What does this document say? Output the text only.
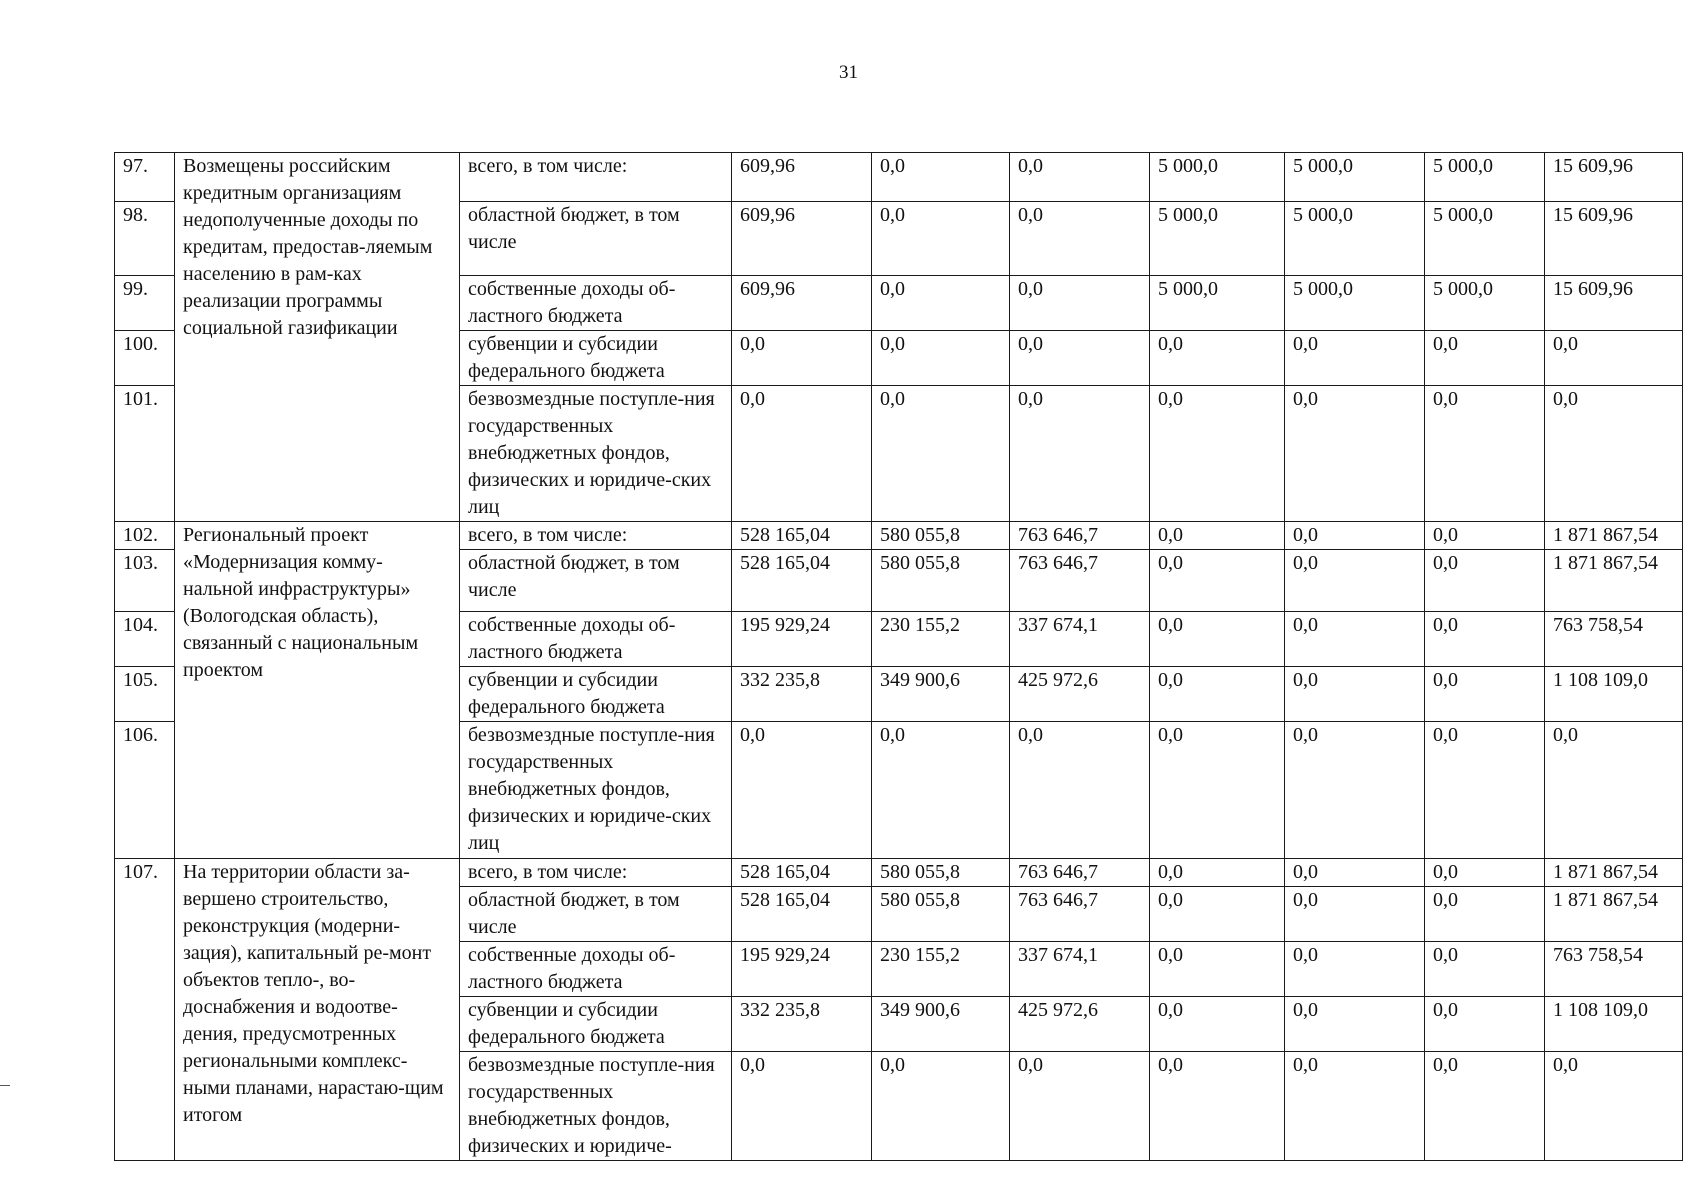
31
97.	Возмещены российским кредитным организациям недополученные доходы по кредитам, предостав-ляемым населению в рам-ках реализации программы социальной газификации	всего, в том числе:	609,96	0,0	0,0	5 000,0	5 000,0	5 000,0	15 609,96
98.		областной бюджет, в том числе	609,96	0,0	0,0	5 000,0	5 000,0	5 000,0	15 609,96
99.		собственные доходы об-ластного бюджета	609,96	0,0	0,0	5 000,0	5 000,0	5 000,0	15 609,96
100.		субвенции и субсидии федерального бюджета	0,0	0,0	0,0	0,0	0,0	0,0	0,0
101.		безвозмездные поступле-ния государственных внебюджетных фондов, физических и юридиче-ских лиц	0,0	0,0	0,0	0,0	0,0	0,0	0,0
102.	Региональный проект «Модернизация комму-нальной инфраструктуры» (Вологодская область), связанный с национальным проектом	всего, в том числе:	528 165,04	580 055,8	763 646,7	0,0	0,0	0,0	1 871 867,54
103.		областной бюджет, в том числе	528 165,04	580 055,8	763 646,7	0,0	0,0	0,0	1 871 867,54
104.		собственные доходы об-ластного бюджета	195 929,24	230 155,2	337 674,1	0,0	0,0	0,0	763 758,54
105.		субвенции и субсидии федерального бюджета	332 235,8	349 900,6	425 972,6	0,0	0,0	0,0	1 108 109,0
106.		безвозмездные поступле-ния государственных внебюджетных фондов, физических и юридиче-ских лиц	0,0	0,0	0,0	0,0	0,0	0,0	0,0
107.	На территории области за-вершено строительство, реконструкция (модерни-зация), капитальный ре-монт объектов тепло-, во-доснабжения и водоотве-дения, предусмотренных региональными комплекс-ными планами, нарастаю-щим итогом	всего, в том числе:	528 165,04	580 055,8	763 646,7	0,0	0,0	0,0	1 871 867,54
		областной бюджет, в том числе	528 165,04	580 055,8	763 646,7	0,0	0,0	0,0	1 871 867,54
		собственные доходы об-ластного бюджета	195 929,24	230 155,2	337 674,1	0,0	0,0	0,0	763 758,54
		субвенции и субсидии федерального бюджета	332 235,8	349 900,6	425 972,6	0,0	0,0	0,0	1 108 109,0
		безвозмездные поступле-ния государственных внебюджетных фондов, физических и юридиче-	0,0	0,0	0,0	0,0	0,0	0,0	0,0
